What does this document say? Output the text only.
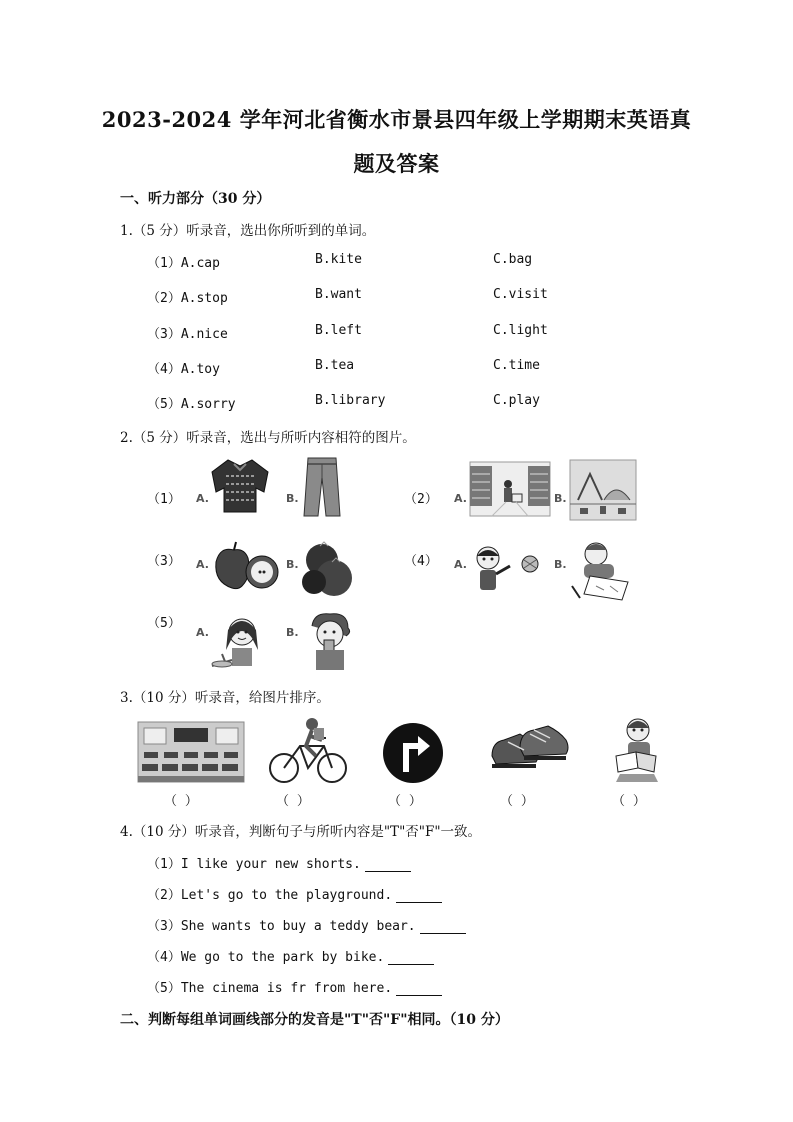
2023-2024 学年河北省衡水市景县四年级上学期期末英语真
题及答案
一、听力部分（30 分）
1.（5 分）听录音，选出你所听到的单词。
（1）A.cap	B.kite	C.bag
（2）A.stop	B.want	C.visit
（3）A.nice	B.left	C.light
（4）A.toy	B.tea	C.time
（5）A.sorry	B.library	C.play
2.（5 分）听录音，选出与所听内容相符的图片。
（1） A.	B.	（2） A.	B.
（3） A.	B.	（4） A.	B.
（5）
A.	B.
3.（10 分）听录音，给图片排序。
（ ）	（ ）	（ ）	（ ）	（ ）
4.（10 分）听录音，判断句子与所听内容是"T"否"F"一致。
（1）I like your new shorts.
（2）Let's go to the playground.
（3）She wants to buy a teddy bear.
（4）We go to the park by bike.
（5）The cinema is fr from here.
二、判断每组单词画线部分的发音是"T"否"F"相同。（10 分）
